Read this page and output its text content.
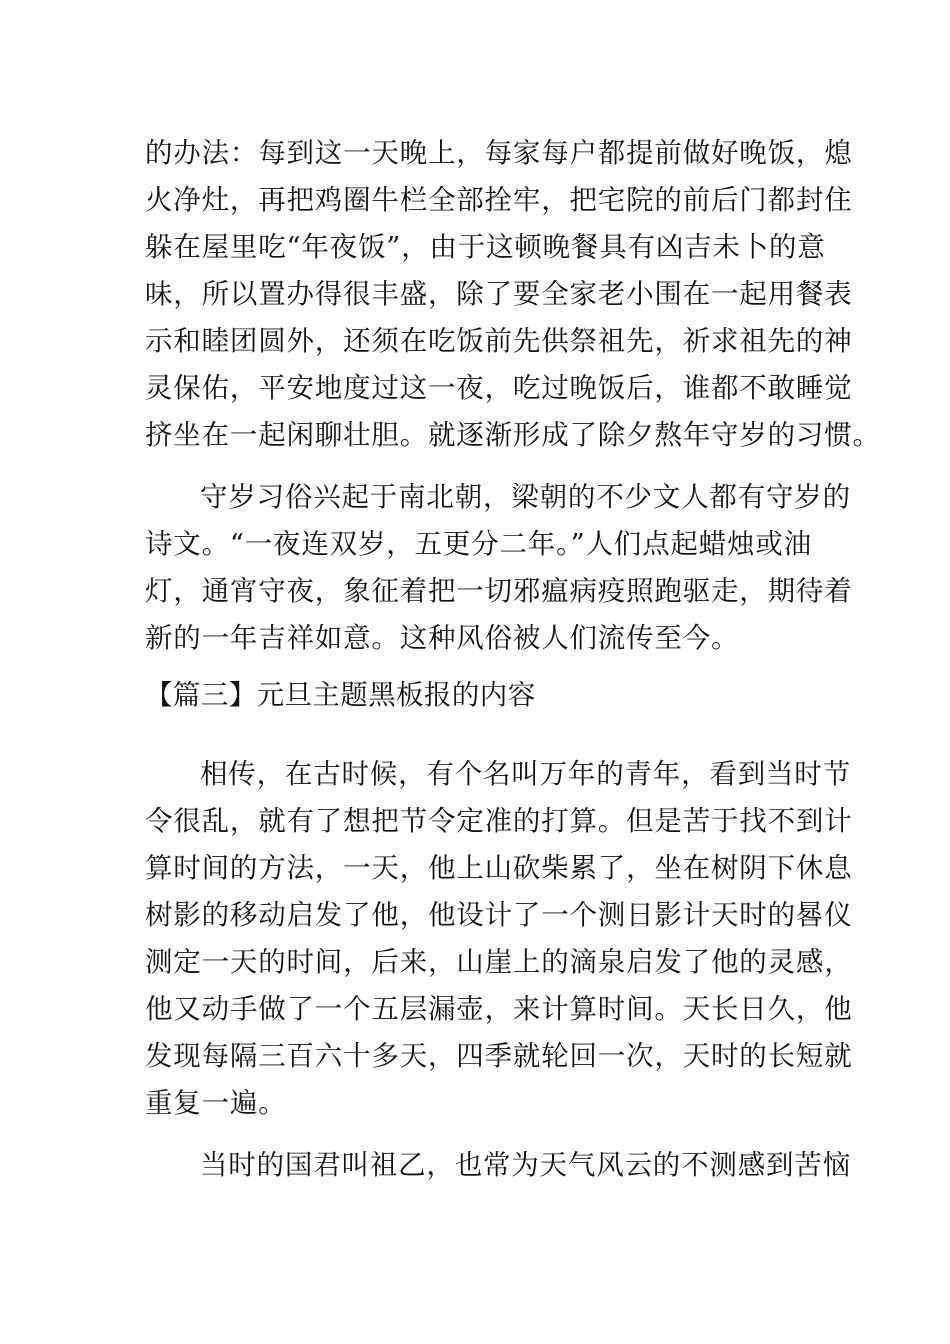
的办法：每到这一天晚上，每家每户都提前做好晚饭，熄
火净灶，再把鸡圈牛栏全部拴牢，把宅院的前后门都封住
躲在屋里吃“年夜饭”，由于这顿晚餐具有凶吉未卜的意
味，所以置办得很丰盛，除了要全家老小围在一起用餐表
示和睦团圆外，还须在吃饭前先供祭祖先，祈求祖先的神
灵保佑，平安地度过这一夜，吃过晚饭后，谁都不敢睡觉
挤坐在一起闲聊壮胆。就逐渐形成了除夕熬年守岁的习惯。
守岁习俗兴起于南北朝，梁朝的不少文人都有守岁的
诗文。“一夜连双岁，五更分二年。”人们点起蜡烛或油
灯，通宵守夜，象征着把一切邪瘟病疫照跑驱走，期待着
新的一年吉祥如意。这种风俗被人们流传至今。
【篇三】元旦主题黑板报的内容
相传，在古时候，有个名叫万年的青年，看到当时节
令很乱，就有了想把节令定准的打算。但是苦于找不到计
算时间的方法，一天，他上山砍柴累了，坐在树阴下休息
树影的移动启发了他，他设计了一个测日影计天时的晷仪
测定一天的时间，后来，山崖上的滴泉启发了他的灵感，
他又动手做了一个五层漏壶，来计算时间。天长日久，他
发现每隔三百六十多天，四季就轮回一次，天时的长短就
重复一遍。
当时的国君叫祖乙，也常为天气风云的不测感到苦恼
